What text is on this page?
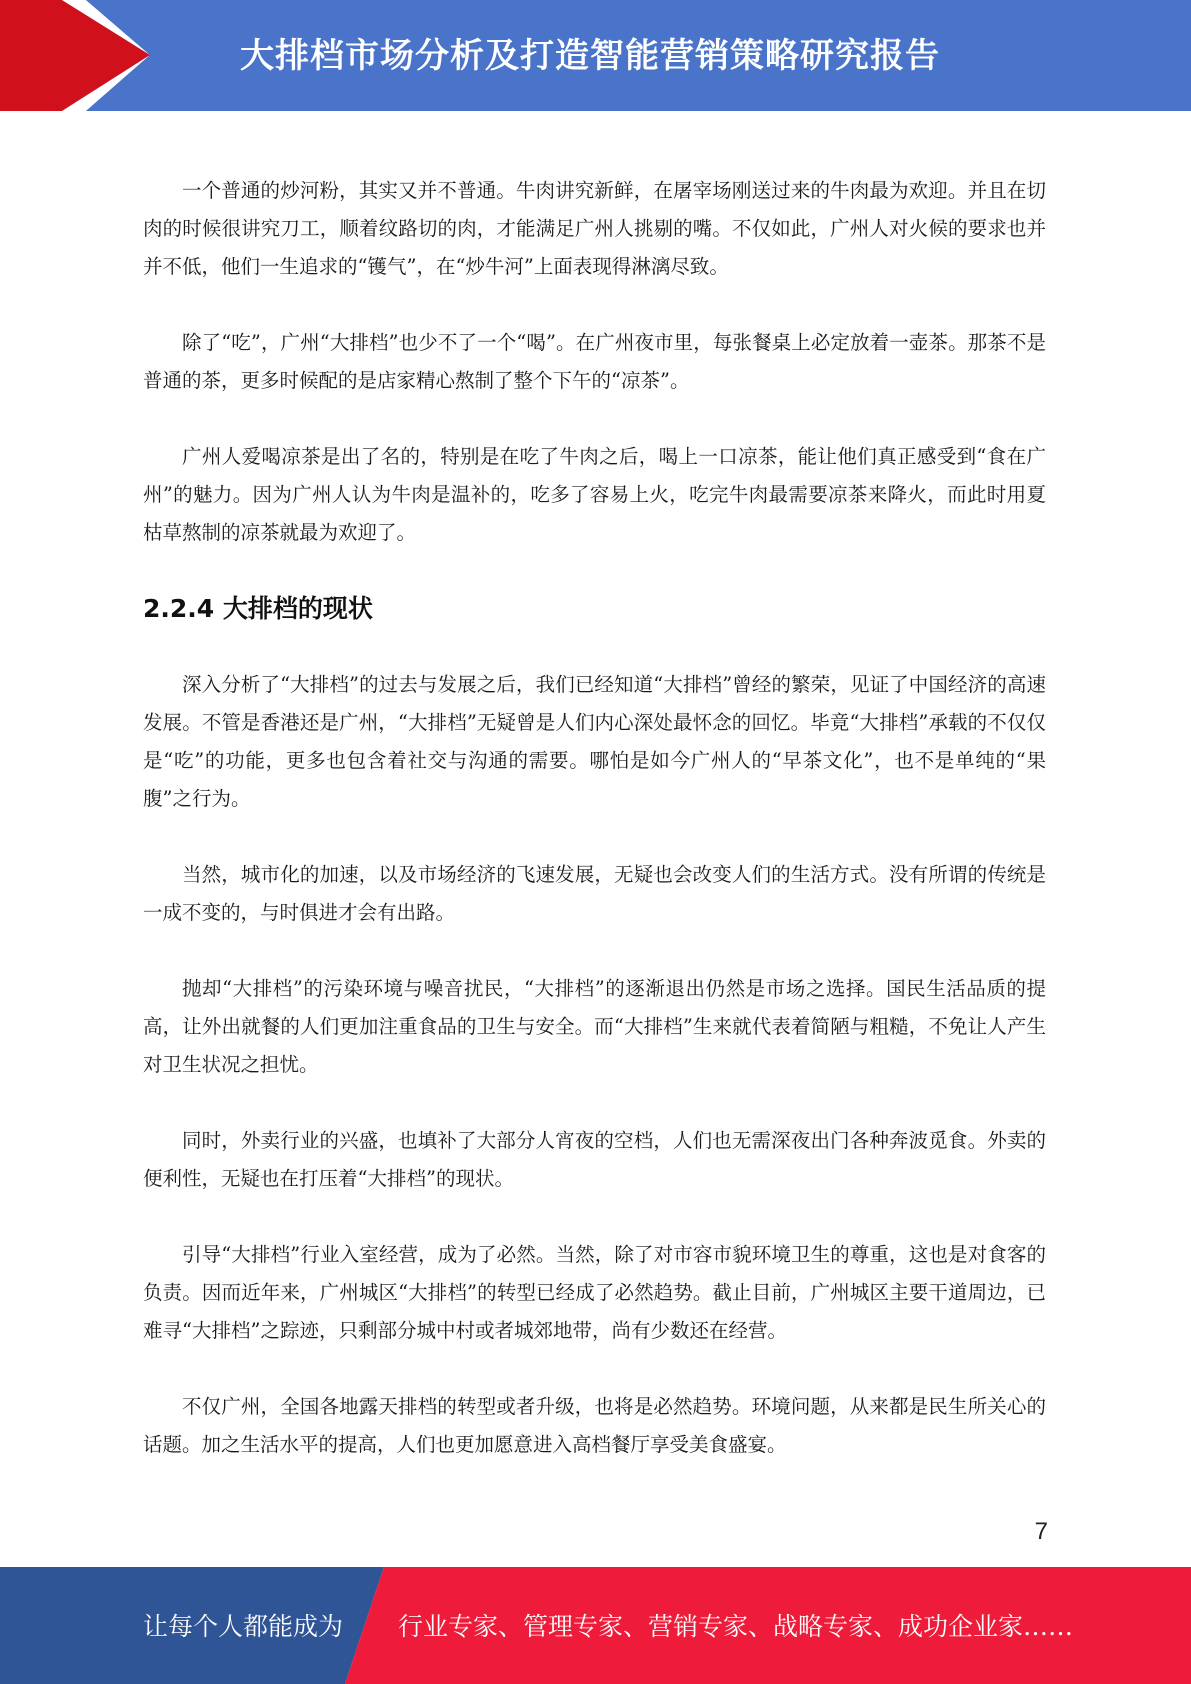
大排档市场分析及打造智能营销策略研究报告

一个普通的炒河粉，其实又并不普通。牛肉讲究新鲜，在屠宰场刚送过来的牛肉最为欢迎。并且在切肉的时候很讲究刀工，顺着纹路切的肉，才能满足广州人挑剔的嘴。不仅如此，广州人对火候的要求也并并不低，他们一生追求的“镬气”，在“炒牛河”上面表现得淋漓尽致。

除了“吃”，广州“大排档”也少不了一个“喝”。在广州夜市里，每张餐桌上必定放着一壶茶。那茶不是普通的茶，更多时候配的是店家精心熬制了整个下午的“凉茶”。

广州人爱喝凉茶是出了名的，特别是在吃了牛肉之后，喝上一口凉茶，能让他们真正感受到“食在广州”的魅力。因为广州人认为牛肉是温补的，吃多了容易上火，吃完牛肉最需要凉茶来降火，而此时用夏枯草熬制的凉茶就最为欢迎了。

2.2.4 大排档的现状

深入分析了“大排档”的过去与发展之后，我们已经知道“大排档”曾经的繁荣，见证了中国经济的高速发展。不管是香港还是广州，“大排档”无疑曾是人们内心深处最怀念的回忆。毕竟“大排档”承载的不仅仅是“吃”的功能，更多也包含着社交与沟通的需要。哪怕是如今广州人的“早茶文化”，也不是单纯的“果腹”之行为。

当然，城市化的加速，以及市场经济的飞速发展，无疑也会改变人们的生活方式。没有所谓的传统是一成不变的，与时俱进才会有出路。

抛却“大排档”的污染环境与噪音扰民，“大排档”的逐渐退出仍然是市场之选择。国民生活品质的提高，让外出就餐的人们更加注重食品的卫生与安全。而“大排档”生来就代表着简陋与粗糙，不免让人产生对卫生状况之担忧。

同时，外卖行业的兴盛，也填补了大部分人宵夜的空档，人们也无需深夜出门各种奔波觅食。外卖的便利性，无疑也在打压着“大排档”的现状。

引导“大排档”行业入室经营，成为了必然。当然，除了对市容市貌环境卫生的尊重，这也是对食客的负责。因而近年来，广州城区“大排档”的转型已经成了必然趋势。截止目前，广州城区主要干道周边，已难寻“大排档”之踪迹，只剩部分城中村或者城郊地带，尚有少数还在经营。

不仅广州，全国各地露天排档的转型或者升级，也将是必然趋势。环境问题，从来都是民生所关心的话题。加之生活水平的提高，人们也更加愿意进入高档餐厅享受美食盛宴。

7
让每个人都能成为 行业专家、管理专家、营销专家、战略专家、成功企业家……
